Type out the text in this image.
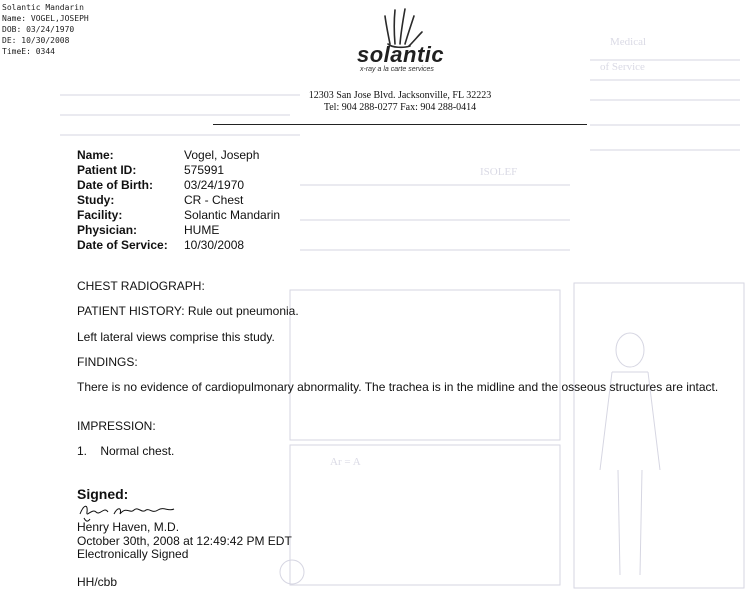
Medical
of Service
ISOLEF
Ar = A
Solantic Mandarin
Name: VOGEL,JOSEPH
DOB: 03/24/1970
DE: 10/30/2008
TimeE: 0344	solantic
x-ray a la carte services
12303 San Jose Blvd. Jacksonville, FL 32223
Tel: 904 288-0277 Fax: 904 288-0414
Name:	Vogel, Joseph
Patient ID:	575991
Date of Birth:	03/24/1970
Study:	CR - Chest
Facility:	Solantic Mandarin
Physician:	HUME
Date of Service:	10/30/2008
CHEST RADIOGRAPH:
PATIENT HISTORY: Rule out pneumonia.
Left lateral views comprise this study.
FINDINGS:
There is no evidence of cardiopulmonary abnormality. The trachea is in the midline and the osseous structures are intact.
IMPRESSION:
1.    Normal chest.
Signed:
Henry Haven, M.D.
October 30th, 2008 at 12:49:42 PM EDT
Electronically Signed
HH/cbb
